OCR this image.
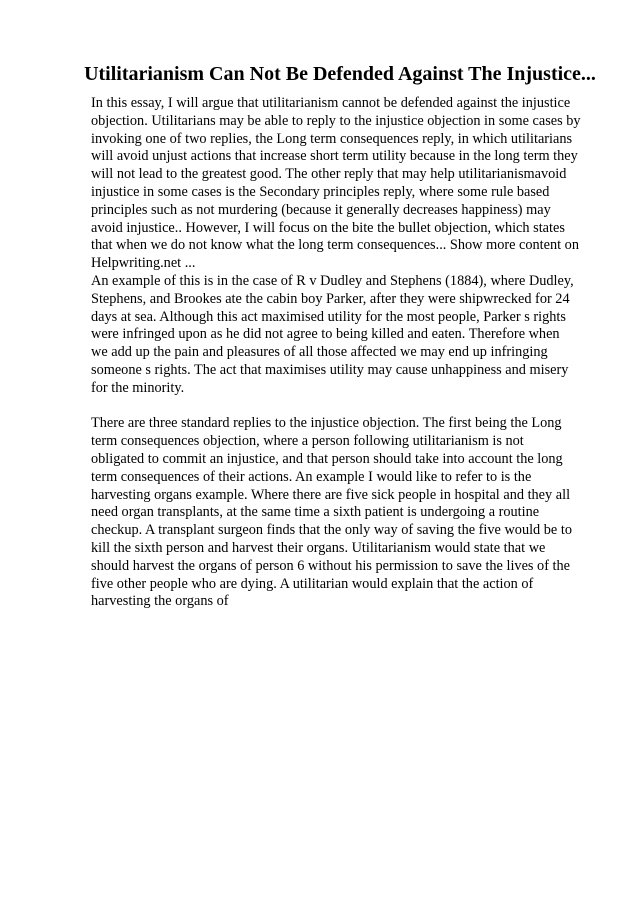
Utilitarianism Can Not Be Defended Against The Injustice...

In this essay, I will argue that utilitarianism cannot be defended against the injustice
objection. Utilitarians may be able to reply to the injustice objection in some cases by
invoking one of two replies, the Long term consequences reply, in which utilitarians
will avoid unjust actions that increase short term utility because in the long term they
will not lead to the greatest good. The other reply that may help utilitarianismavoid
injustice in some cases is the Secondary principles reply, where some rule based
principles such as not murdering (because it generally decreases happiness) may
avoid injustice.. However, I will focus on the bite the bullet objection, which states
that when we do not know what the long term consequences... Show more content on
Helpwriting.net ...

An example of this is in the case of R v Dudley and Stephens (1884), where Dudley,
Stephens, and Brookes ate the cabin boy Parker, after they were shipwrecked for 24
days at sea. Although this act maximised utility for the most people, Parker s rights
were infringed upon as he did not agree to being killed and eaten. Therefore when
we add up the pain and pleasures of all those affected we may end up infringing
someone s rights. The act that maximises utility may cause unhappiness and misery
for the minority.

There are three standard replies to the injustice objection. The first being the Long
term consequences objection, where a person following utilitarianism is not
obligated to commit an injustice, and that person should take into account the long
term consequences of their actions. An example I would like to refer to is the
harvesting organs example. Where there are five sick people in hospital and they all
need organ transplants, at the same time a sixth patient is undergoing a routine
checkup. A transplant surgeon finds that the only way of saving the five would be to
kill the sixth person and harvest their organs. Utilitarianism would state that we
should harvest the organs of person 6 without his permission to save the lives of the
five other people who are dying. A utilitarian would explain that the action of
harvesting the organs of
